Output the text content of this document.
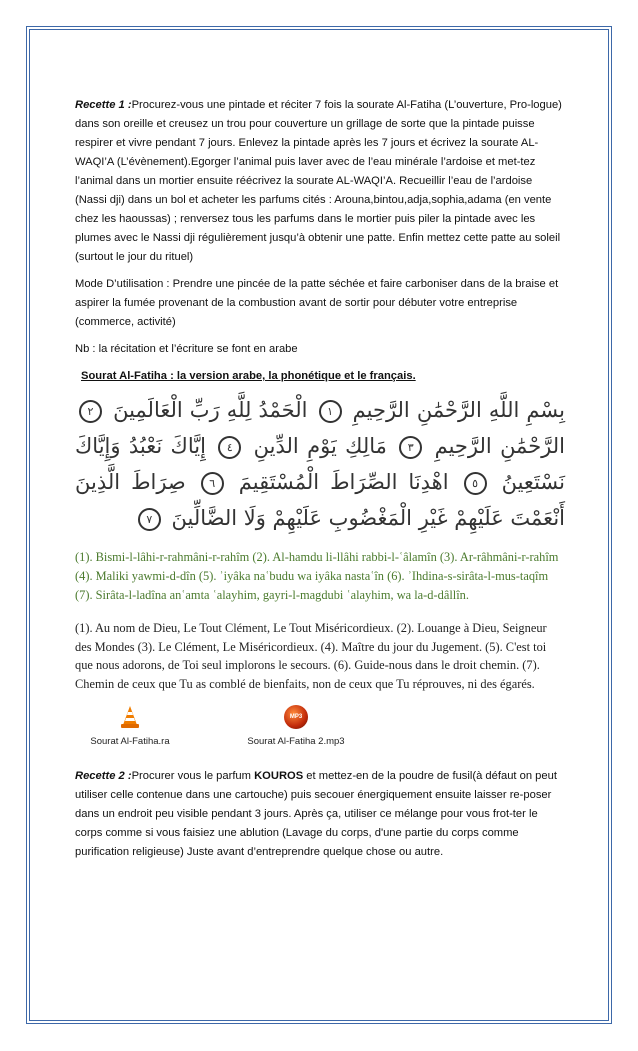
Recette 1 :Procurez-vous une pintade et réciter 7 fois la sourate Al-Fatiha (L’ouverture, Pro-logue) dans son oreille et creusez un trou pour couverture un grillage de sorte que la pintade puisse respirer et vivre pendant 7 jours. Enlevez la pintade après les 7 jours et écrivez la sourate AL-WAQI’A (L’évènement).Egorger l’animal puis laver avec de l’eau minérale l’ardoise et met-tez l’animal dans un mortier ensuite réécrivez la sourate AL-WAQI’A. Recueillir l’eau de l’ardoise (Nassi dji) dans un bol et acheter les parfums cités : Arouna,bintou,adja,sophia,adama (en vente chez les haoussas) ; renversez tous les parfums dans le mortier puis piler la pintade avec les plumes avec le Nassi dji régulièrement jusqu’à obtenir une patte. Enfin mettez cette patte au soleil (surtout le jour du rituel)

Mode D’utilisation : Prendre une pincée de la patte séchée et faire carboniser dans de la braise et aspirer la fumée provenant de la combustion avant de sortir pour débuter votre entreprise (commerce, activité)

Nb : la récitation et l’écriture se font en arabe

Sourat Al-Fatiha : la version arabe, la phonétique et le français.
بِسْمِ اللَّهِ الرَّحْمَٰنِ الرَّحِيمِ ١ الْحَمْدُ لِلَّهِ رَبِّ الْعَالَمِينَ ٢ الرَّحْمَٰنِ الرَّحِيمِ ٣ مَالِكِ يَوْمِ الدِّينِ ٤ إِيَّاكَ نَعْبُدُ وَإِيَّاكَ نَسْتَعِينُ ٥ اهْدِنَا الصِّرَاطَ الْمُسْتَقِيمَ ٦ صِرَاطَ الَّذِينَ أَنْعَمْتَ عَلَيْهِمْ غَيْرِ الْمَغْضُوبِ عَلَيْهِمْ وَلَا الضَّالِّينَ ٧
(1). Bismi-l-lâhi-r-rahmâni-r-rahîm (2). Al-hamdu li-llâhi rabbi-l-ʿâlamîn (3). Ar-râhmâni-r-rahîm (4). Maliki yawmi-d-dîn (5). ʾiyâka naʿbudu wa iyâka nastaʿîn (6). ʾIhdina-s-sirâta-l-mus-taqîm (7). Sirâta-l-ladîna anʿamta ʿalayhim, gayri-l-magdubi ʿalayhim, wa la-d-dâllîn.
(1). Au nom de Dieu, Le Tout Clément, Le Tout Miséricordieux. (2). Louange à Dieu, Seigneur des Mondes (3). Le Clément, Le Miséricordieux. (4). Maître du jour du Jugement. (5). C'est toi que nous adorons, de Toi seul implorons le secours. (6). Guide-nous dans le droit chemin. (7). Chemin de ceux que Tu as comblé de bienfaits, non de ceux que Tu réprouves, ni des égarés.
Sourat Al-Fatiha.ra
MP3
Sourat Al-Fatiha 2.mp3

Recette 2 :Procurer vous le parfum KOUROS et mettez-en de la poudre de fusil(à défaut on peut utiliser celle contenue dans une cartouche) puis secouer énergiquement ensuite laisser re-poser dans un endroit peu visible pendant 3 jours. Après ça, utiliser ce mélange pour vous frot-ter le corps comme si vous faisiez une ablution (Lavage du corps, d'une partie du corps comme purification religieuse) Juste avant d’entreprendre quelque chose ou autre.
